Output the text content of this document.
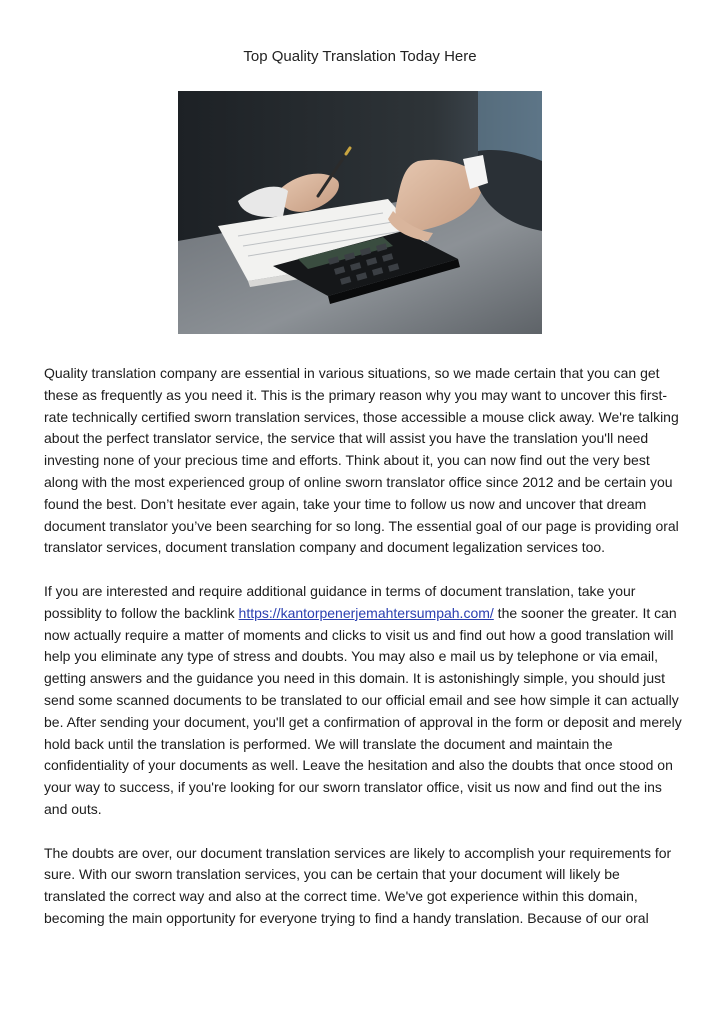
Top Quality Translation Today Here

Quality translation company are essential in various situations, so we made certain that you can get these as frequently as you need it. This is the primary reason why you may want to uncover this first-rate technically certified sworn translation services, those accessible a mouse click away. We're talking about the perfect translator service, the service that will assist you have the translation you'll need investing none of your precious time and efforts. Think about it, you can now find out the very best along with the most experienced group of online sworn translator office since 2012 and be certain you found the best. Don’t hesitate ever again, take your time to follow us now and uncover that dream document translator you’ve been searching for so long. The essential goal of our page is providing oral translator services, document translation company and document legalization services too.

If you are interested and require additional guidance in terms of document translation, take your possiblity to follow the backlink https://kantorpenerjemahtersumpah.com/ the sooner the greater. It can now actually require a matter of moments and clicks to visit us and find out how a good translation will help you eliminate any type of stress and doubts. You may also e mail us by telephone or via email, getting answers and the guidance you need in this domain. It is astonishingly simple, you should just send some scanned documents to be translated to our official email and see how simple it can actually be. After sending your document, you'll get a confirmation of approval in the form or deposit and merely hold back until the translation is performed. We will translate the document and maintain the confidentiality of your documents as well. Leave the hesitation and also the doubts that once stood on your way to success, if you're looking for our sworn translator office, visit us now and find out the ins and outs.

The doubts are over, our document translation services are likely to accomplish your requirements for sure. With our sworn translation services, you can be certain that your document will likely be translated the correct way and also at the correct time. We've got experience within this domain, becoming the main opportunity for everyone trying to find a handy translation. Because of our oral
